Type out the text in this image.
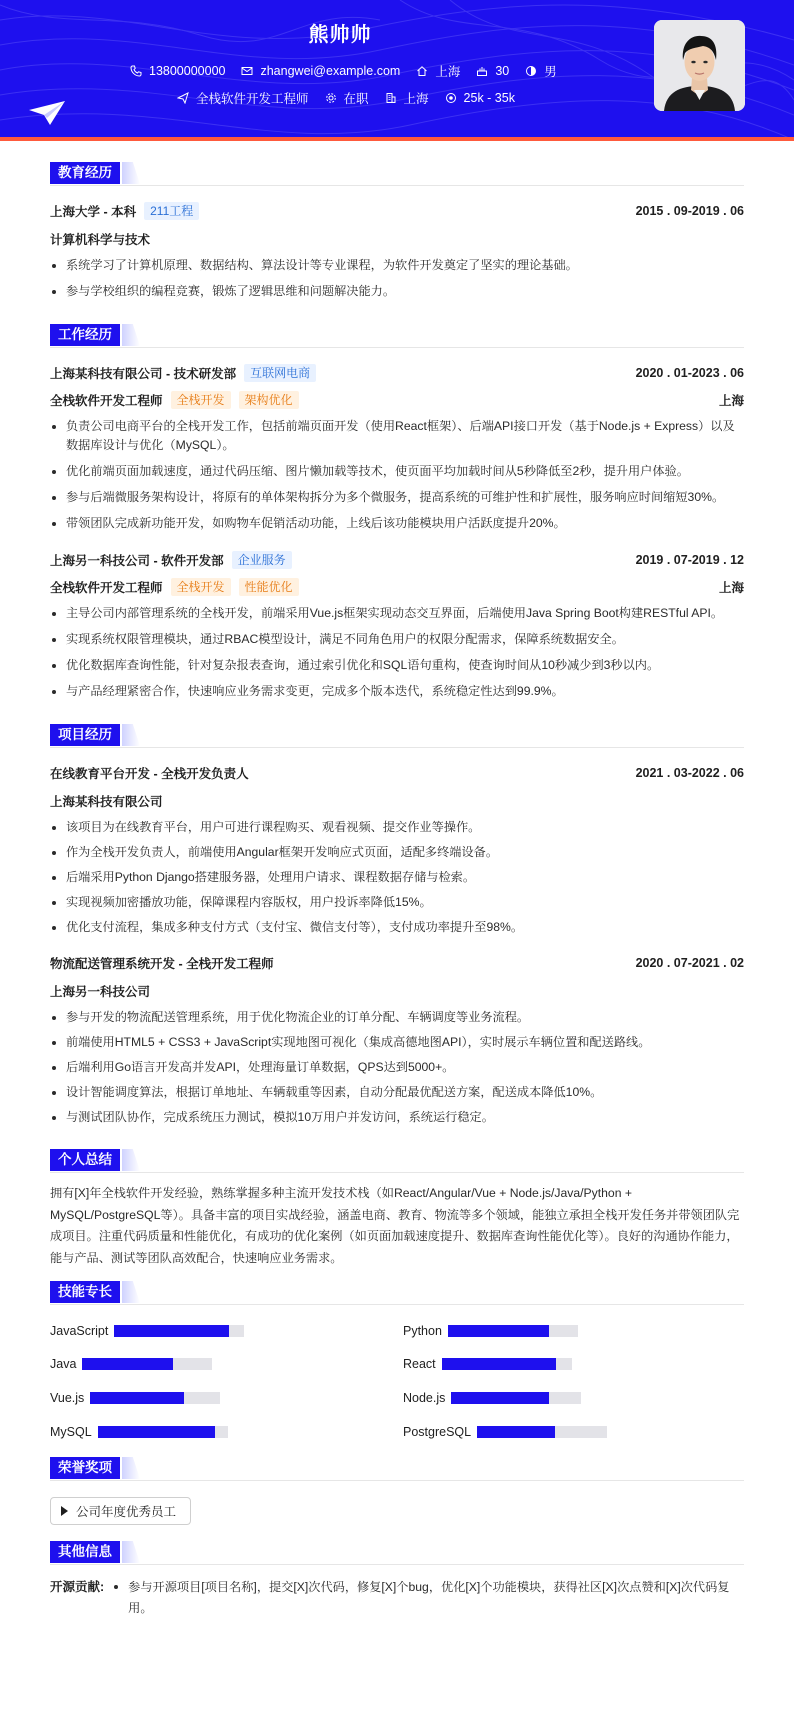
熊帅帅
13800000000	zhangwei@example.com	上海	30	男
全栈软件开发工程师	在职	上海	25k - 35k
教育经历
上海大学 - 本科	211工程	2015 . 09-2019 . 06
计算机科学与技术
系统学习了计算机原理、数据结构、算法设计等专业课程，为软件开发奠定了坚实的理论基础。
参与学校组织的编程竞赛，锻炼了逻辑思维和问题解决能力。
工作经历
上海某科技有限公司 - 技术研发部	互联网电商	2020 . 01-2023 . 06
全栈软件开发工程师	全栈开发	架构优化	上海
负责公司电商平台的全栈开发工作，包括前端页面开发（使用React框架）、后端API接口开发（基于Node.js + Express）以及数据库设计与优化（MySQL）。
优化前端页面加载速度，通过代码压缩、图片懒加载等技术，使页面平均加载时间从5秒降低至2秒，提升用户体验。
参与后端微服务架构设计，将原有的单体架构拆分为多个微服务，提高系统的可维护性和扩展性，服务响应时间缩短30%。
带领团队完成新功能开发，如购物车促销活动功能，上线后该功能模块用户活跃度提升20%。
上海另一科技公司 - 软件开发部	企业服务	2019 . 07-2019 . 12
全栈软件开发工程师	全栈开发	性能优化	上海
主导公司内部管理系统的全栈开发，前端采用Vue.js框架实现动态交互界面，后端使用Java Spring Boot构建RESTful API。
实现系统权限管理模块，通过RBAC模型设计，满足不同角色用户的权限分配需求，保障系统数据安全。
优化数据库查询性能，针对复杂报表查询，通过索引优化和SQL语句重构，使查询时间从10秒减少到3秒以内。
与产品经理紧密合作，快速响应业务需求变更，完成多个版本迭代，系统稳定性达到99.9%。
项目经历
在线教育平台开发 - 全栈开发负责人	2021 . 03-2022 . 06
上海某科技有限公司
该项目为在线教育平台，用户可进行课程购买、观看视频、提交作业等操作。
作为全栈开发负责人，前端使用Angular框架开发响应式页面，适配多终端设备。
后端采用Python Django搭建服务器，处理用户请求、课程数据存储与检索。
实现视频加密播放功能，保障课程内容版权，用户投诉率降低15%。
优化支付流程，集成多种支付方式（支付宝、微信支付等），支付成功率提升至98%。
物流配送管理系统开发 - 全栈开发工程师	2020 . 07-2021 . 02
上海另一科技公司
参与开发的物流配送管理系统，用于优化物流企业的订单分配、车辆调度等业务流程。
前端使用HTML5 + CSS3 + JavaScript实现地图可视化（集成高德地图API），实时展示车辆位置和配送路线。
后端利用Go语言开发高并发API，处理海量订单数据，QPS达到5000+。
设计智能调度算法，根据订单地址、车辆载重等因素，自动分配最优配送方案，配送成本降低10%。
与测试团队协作，完成系统压力测试，模拟10万用户并发访问，系统运行稳定。
个人总结
拥有[X]年全栈软件开发经验，熟练掌握多种主流开发技术栈（如React/Angular/Vue + Node.js/Java/Python + MySQL/PostgreSQL等）。具备丰富的项目实战经验，涵盖电商、教育、物流等多个领域，能独立承担全栈开发任务并带领团队完成项目。注重代码质量和性能优化，有成功的优化案例（如页面加载速度提升、数据库查询性能优化等）。良好的沟通协作能力，能与产品、测试等团队高效配合，快速响应业务需求。
技能专长
JavaScript	Python
Java	React
Vue.js	Node.js
MySQL	PostgreSQL
荣誉奖项
公司年度优秀员工
其他信息
开源贡献:	参与开源项目[项目名称]，提交[X]次代码，修复[X]个bug，优化[X]个功能模块，获得社区[X]次点赞和[X]次代码复用。
